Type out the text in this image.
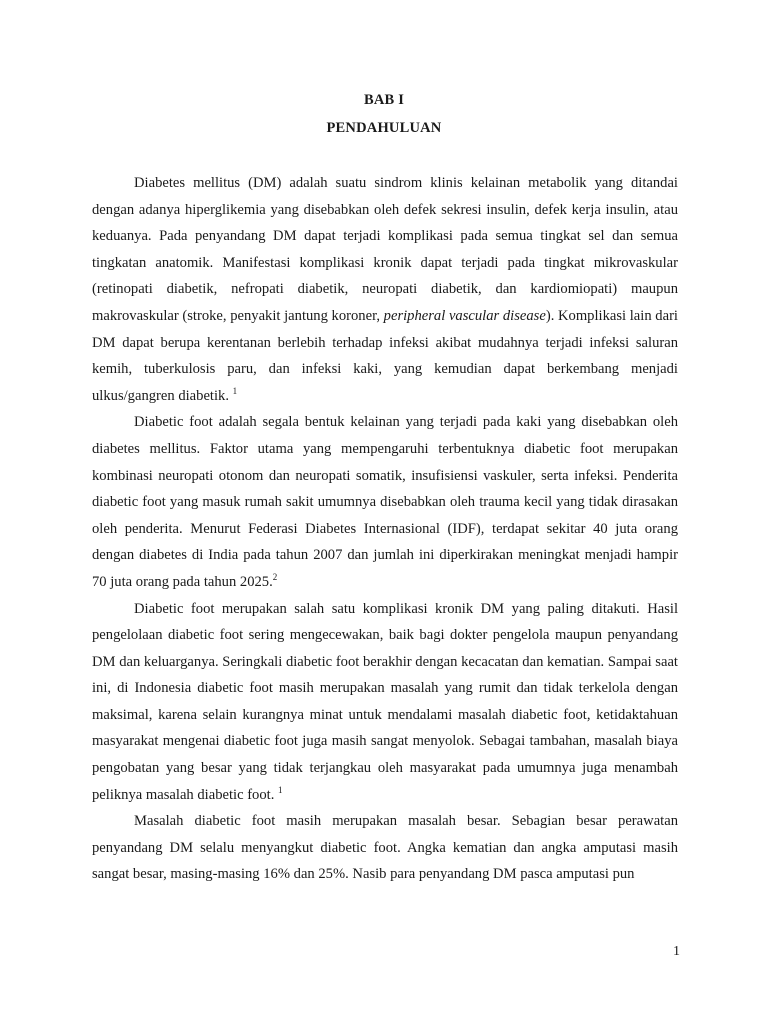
BAB I
PENDAHULUAN

Diabetes mellitus (DM) adalah suatu sindrom klinis kelainan metabolik yang ditandai dengan adanya hiperglikemia yang disebabkan oleh defek sekresi insulin, defek kerja insulin, atau keduanya. Pada penyandang DM dapat terjadi komplikasi pada semua tingkat sel dan semua tingkatan anatomik. Manifestasi komplikasi kronik dapat terjadi pada tingkat mikrovaskular (retinopati diabetik, nefropati diabetik, neuropati diabetik, dan kardiomiopati) maupun makrovaskular (stroke, penyakit jantung koroner, peripheral vascular disease). Komplikasi lain dari DM dapat berupa kerentanan berlebih terhadap infeksi akibat mudahnya terjadi infeksi saluran kemih, tuberkulosis paru, dan infeksi kaki, yang kemudian dapat berkembang menjadi ulkus/gangren diabetik. $^1$

Diabetic foot adalah segala bentuk kelainan yang terjadi pada kaki yang disebabkan oleh diabetes mellitus. Faktor utama yang mempengaruhi terbentuknya diabetic foot merupakan kombinasi neuropati otonom dan neuropati somatik, insufisiensi vaskuler, serta infeksi. Penderita diabetic foot yang masuk rumah sakit umumnya disebabkan oleh trauma kecil yang tidak dirasakan oleh penderita. Menurut Federasi Diabetes Internasional (IDF), terdapat sekitar 40 juta orang dengan diabetes di India pada tahun 2007 dan jumlah ini diperkirakan meningkat menjadi hampir 70 juta orang pada tahun 2025.$^2$

Diabetic foot merupakan salah satu komplikasi kronik DM yang paling ditakuti. Hasil pengelolaan diabetic foot sering mengecewakan, baik bagi dokter pengelola maupun penyandang DM dan keluarganya. Seringkali diabetic foot berakhir dengan kecacatan dan kematian. Sampai saat ini, di Indonesia diabetic foot masih merupakan masalah yang rumit dan tidak terkelola dengan maksimal, karena selain kurangnya minat untuk mendalami masalah diabetic foot, ketidaktahuan masyarakat mengenai diabetic foot juga masih sangat menyolok. Sebagai tambahan, masalah biaya pengobatan yang besar yang tidak terjangkau oleh masyarakat pada umumnya juga menambah peliknya masalah diabetic foot. $^1$

Masalah diabetic foot masih merupakan masalah besar. Sebagian besar perawatan penyandang DM selalu menyangkut diabetic foot. Angka kematian dan angka amputasi masih sangat besar, masing-masing 16% dan 25%. Nasib para penyandang DM pasca amputasi pun

1
